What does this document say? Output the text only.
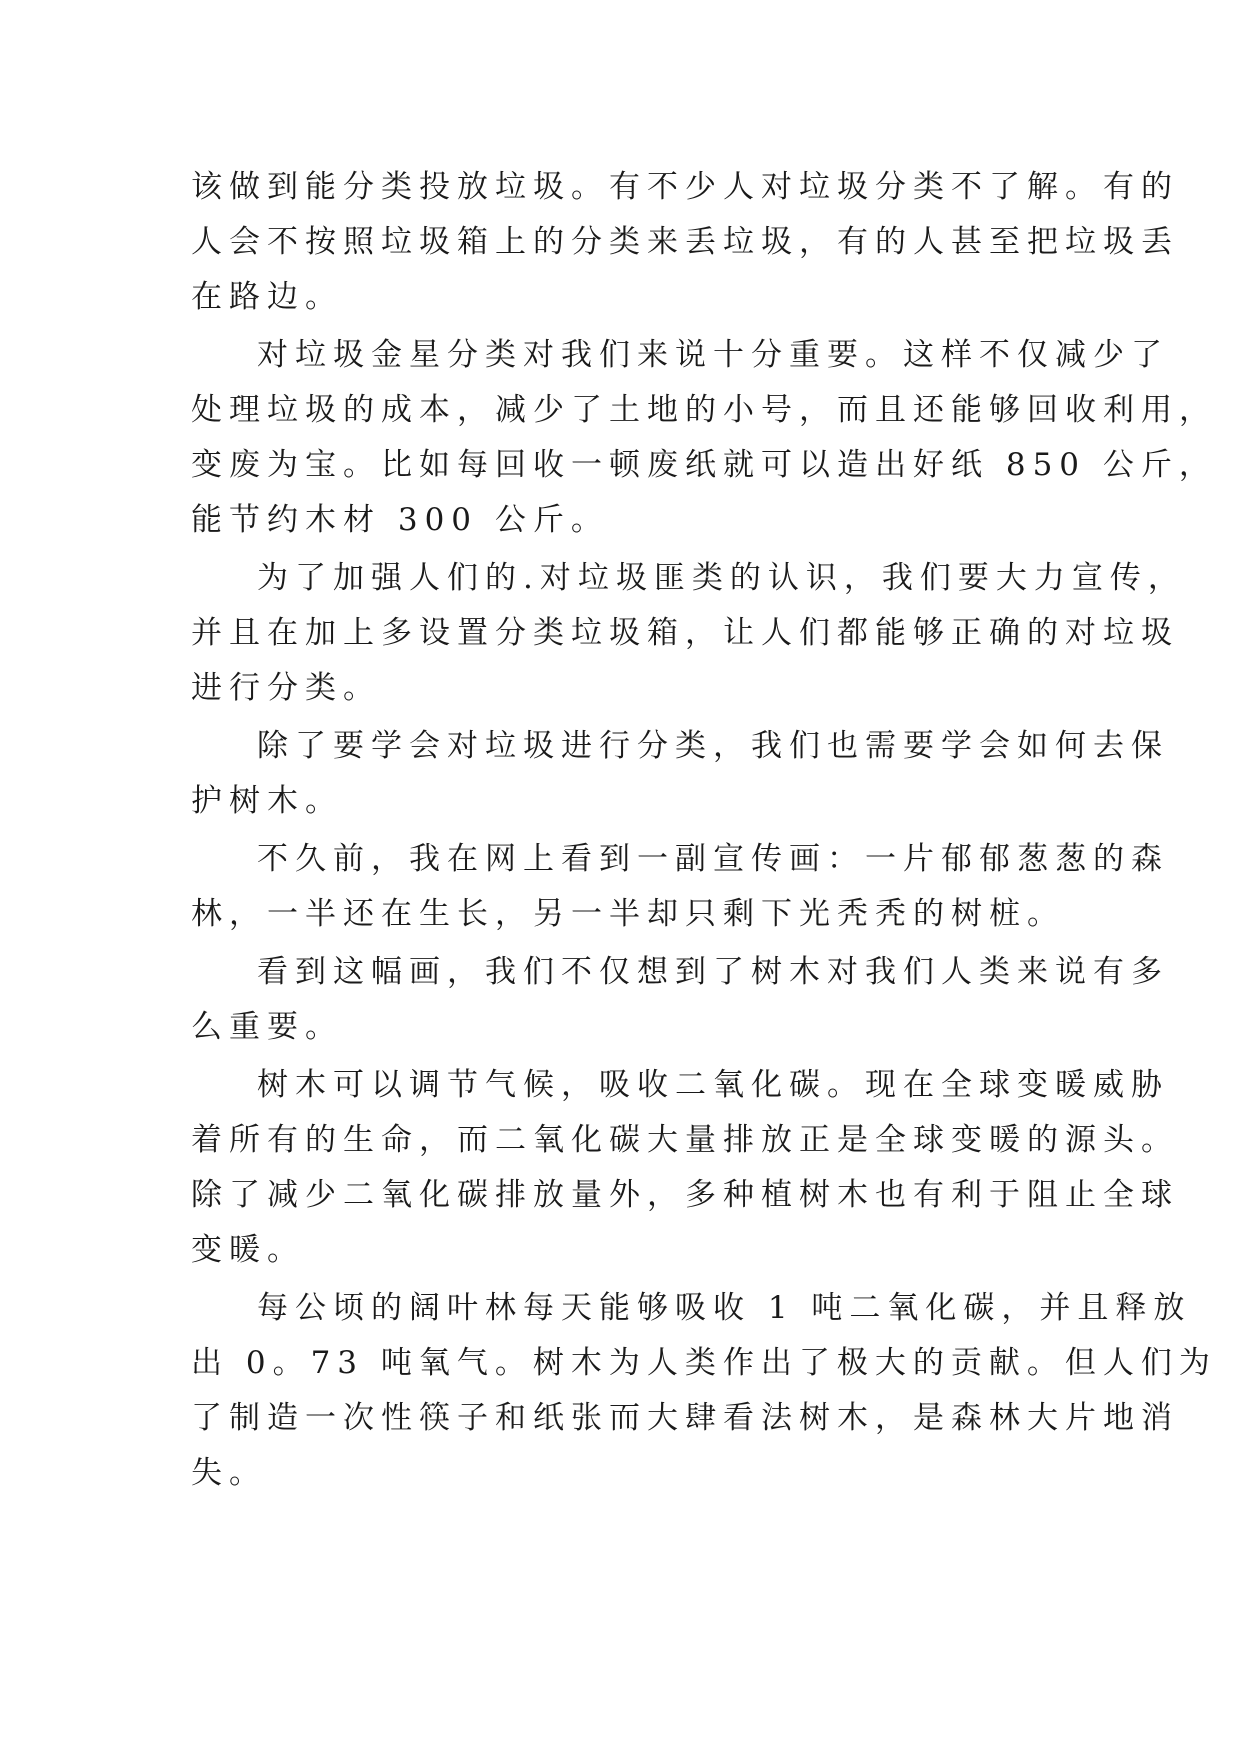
该做到能分类投放垃圾。有不少人对垃圾分类不了解。有的
人会不按照垃圾箱上的分类来丢垃圾，有的人甚至把垃圾丢
在路边。
对垃圾金星分类对我们来说十分重要。这样不仅减少了
处理垃圾的成本，减少了土地的小号，而且还能够回收利用，
变废为宝。比如每回收一顿废纸就可以造出好纸 850 公斤，
能节约木材 300 公斤。
为了加强人们的.对垃圾匪类的认识，我们要大力宣传，
并且在加上多设置分类垃圾箱，让人们都能够正确的对垃圾
进行分类。
除了要学会对垃圾进行分类，我们也需要学会如何去保
护树木。
不久前，我在网上看到一副宣传画：一片郁郁葱葱的森
林，一半还在生长，另一半却只剩下光秃秃的树桩。
看到这幅画，我们不仅想到了树木对我们人类来说有多
么重要。
树木可以调节气候，吸收二氧化碳。现在全球变暖威胁
着所有的生命，而二氧化碳大量排放正是全球变暖的源头。
除了减少二氧化碳排放量外，多种植树木也有利于阻止全球
变暖。
每公顷的阔叶林每天能够吸收 1 吨二氧化碳，并且释放
出 0。73 吨氧气。树木为人类作出了极大的贡献。但人们为
了制造一次性筷子和纸张而大肆看法树木，是森林大片地消
失。
